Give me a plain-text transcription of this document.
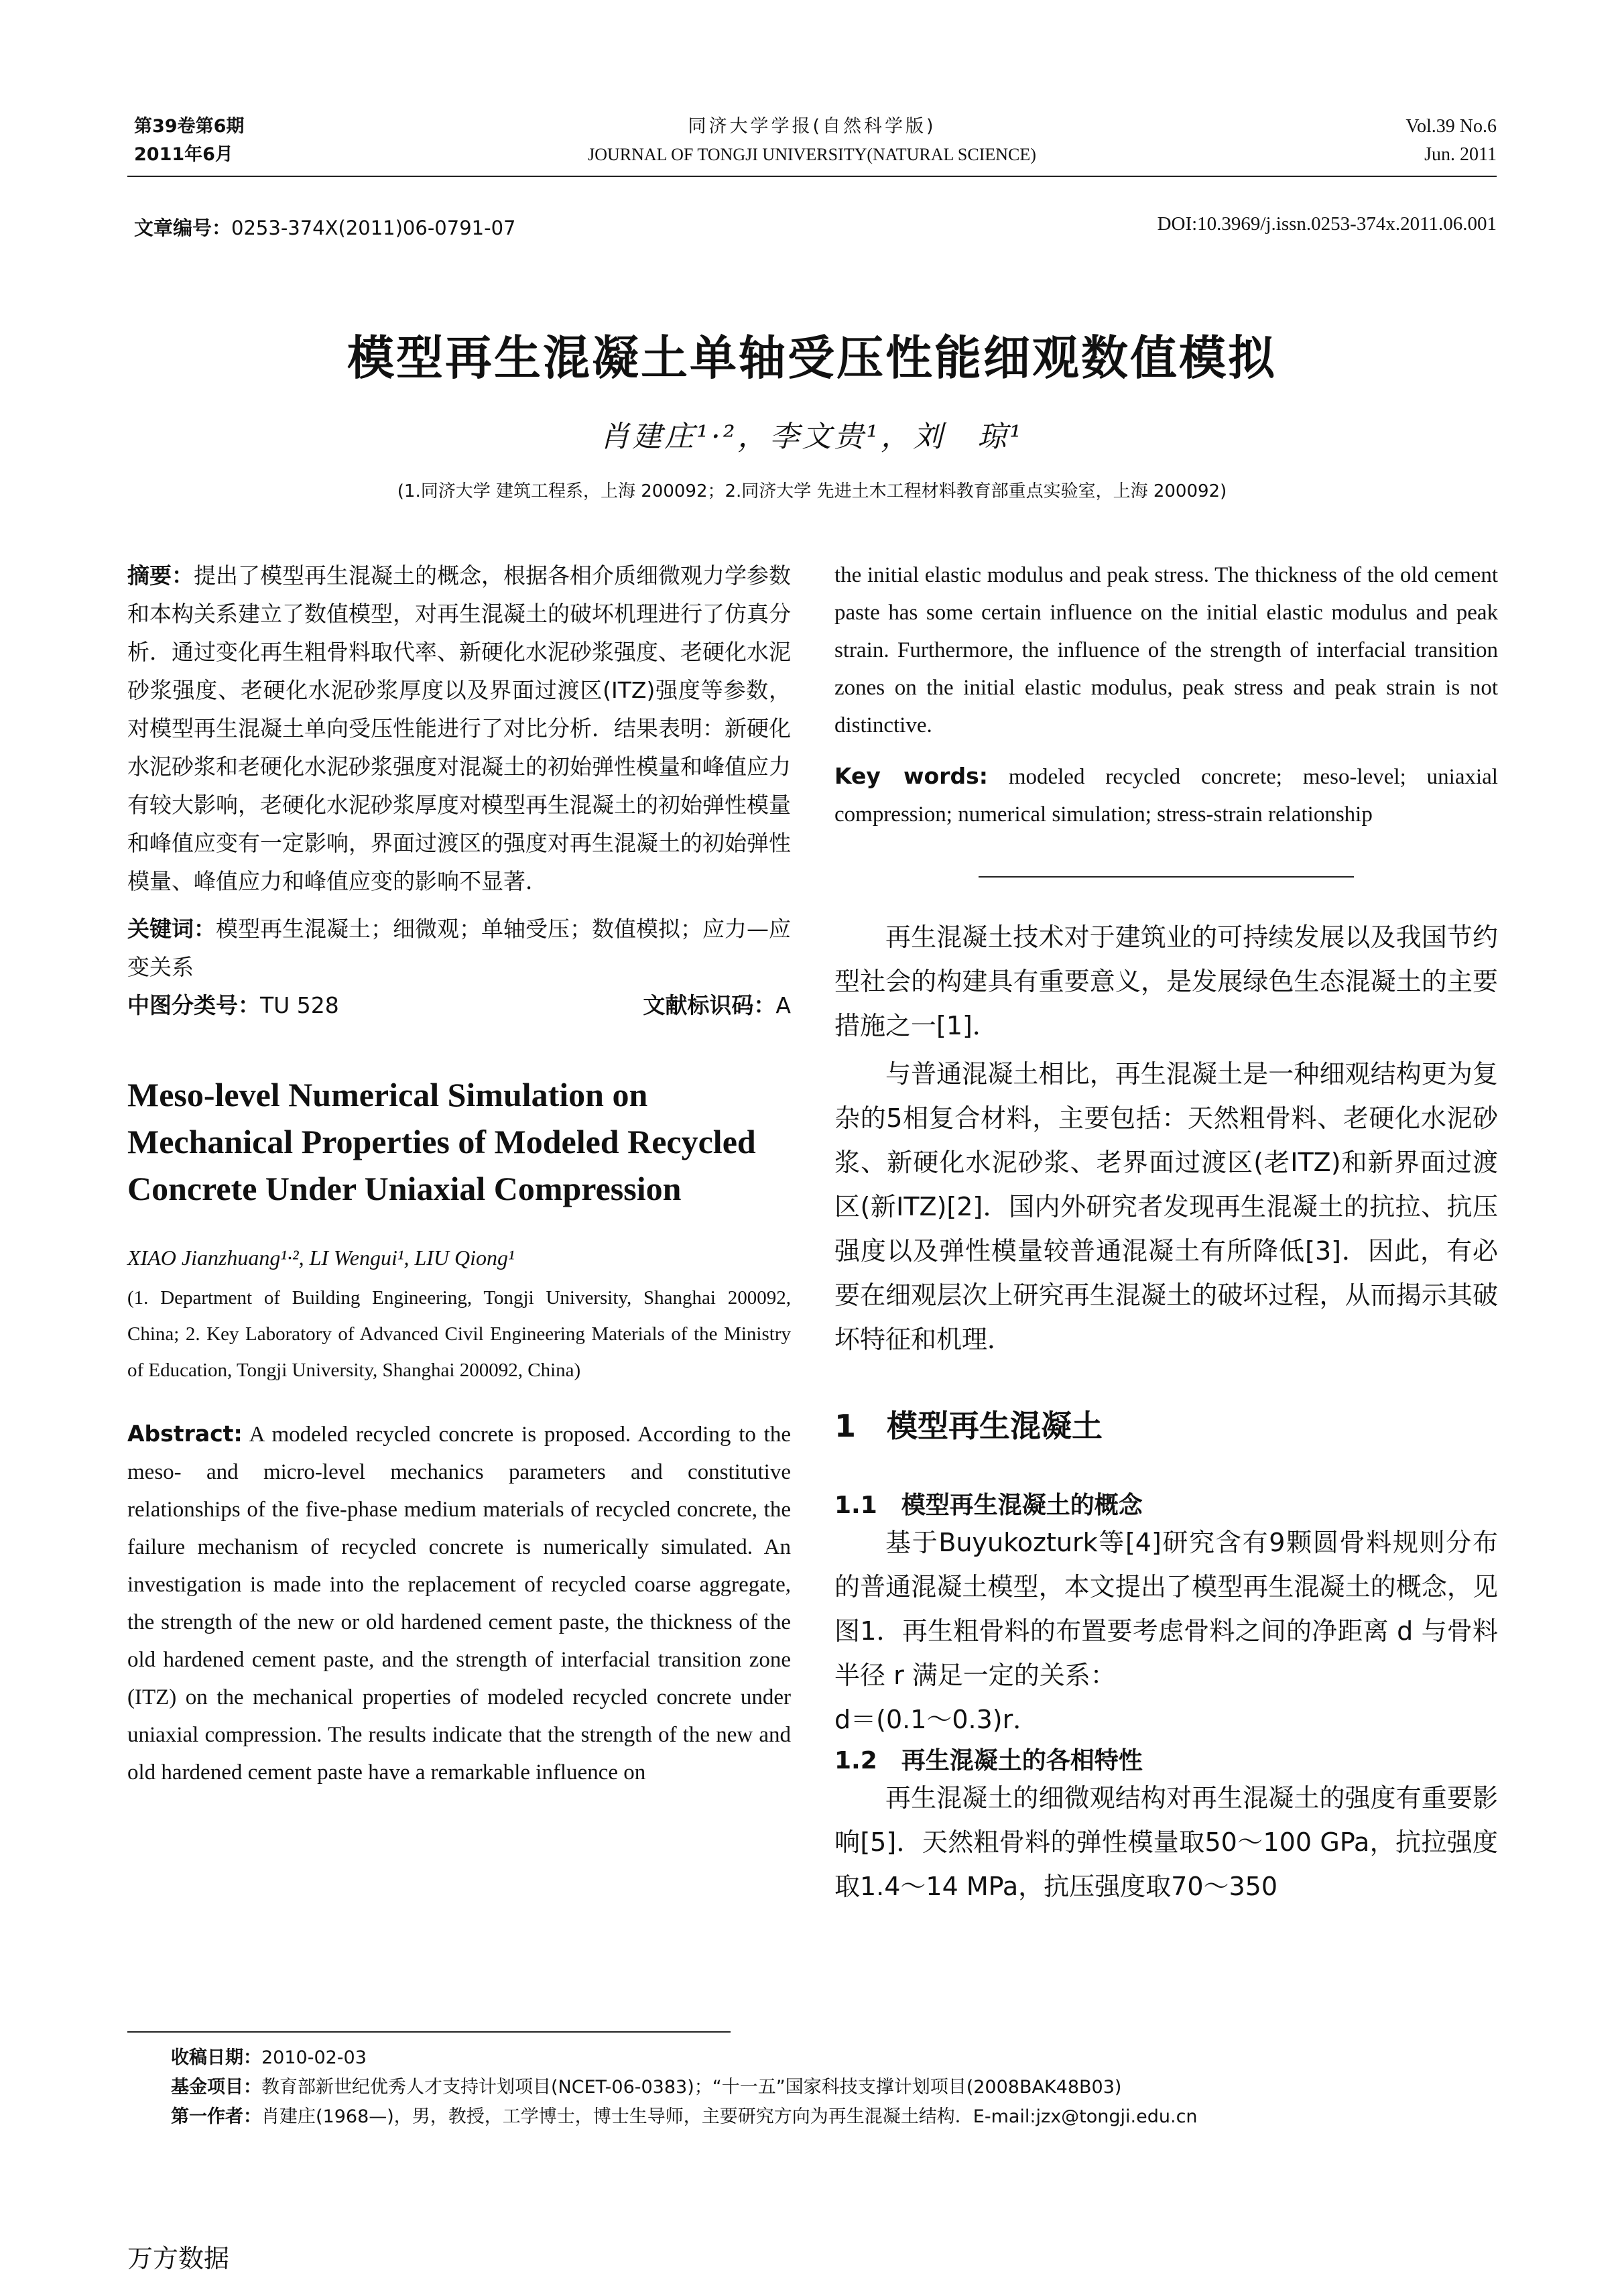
第39卷第6期
2011年6月
同济大学学报(自然科学版)
JOURNAL OF TONGJI UNIVERSITY(NATURAL SCIENCE)
Vol.39 No.6
Jun. 2011
文章编号：0253-374X(2011)06-0791-07	DOI:10.3969/j.issn.0253-374x.2011.06.001
模型再生混凝土单轴受压性能细观数值模拟
肖建庄¹·²，李文贵¹，刘　琼¹
(1.同济大学 建筑工程系，上海 200092；2.同济大学 先进土木工程材料教育部重点实验室，上海 200092)

摘要：提出了模型再生混凝土的概念，根据各相介质细微观力学参数和本构关系建立了数值模型，对再生混凝土的破坏机理进行了仿真分析．通过变化再生粗骨料取代率、新硬化水泥砂浆强度、老硬化水泥砂浆强度、老硬化水泥砂浆厚度以及界面过渡区(ITZ)强度等参数，对模型再生混凝土单向受压性能进行了对比分析．结果表明：新硬化水泥砂浆和老硬化水泥砂浆强度对混凝土的初始弹性模量和峰值应力有较大影响，老硬化水泥砂浆厚度对模型再生混凝土的初始弹性模量和峰值应变有一定影响，界面过渡区的强度对再生混凝土的初始弹性模量、峰值应力和峰值应变的影响不显著．

关键词：模型再生混凝土；细微观；单轴受压；数值模拟；应力—应变关系

中图分类号：TU 528	文献标识码：A

Meso-level Numerical Simulation on Mechanical Properties of Modeled Recycled Concrete Under Uniaxial Compression

XIAO Jianzhuang¹·², LI Wengui¹, LIU Qiong¹

(1. Department of Building Engineering, Tongji University, Shanghai 200092, China; 2. Key Laboratory of Advanced Civil Engineering Materials of the Ministry of Education, Tongji University, Shanghai 200092, China)

Abstract: A modeled recycled concrete is proposed. According to the meso- and micro-level mechanics parameters and constitutive relationships of the five-phase medium materials of recycled concrete, the failure mechanism of recycled concrete is numerically simulated. An investigation is made into the replacement of recycled coarse aggregate, the strength of the new or old hardened cement paste, the thickness of the old hardened cement paste, and the strength of interfacial transition zone (ITZ) on the mechanical properties of modeled recycled concrete under uniaxial compression. The results indicate that the strength of the new and old hardened cement paste have a remarkable influence on

the initial elastic modulus and peak stress. The thickness of the old cement paste has some certain influence on the initial elastic modulus and peak strain. Furthermore, the influence of the strength of interfacial transition zones on the initial elastic modulus, peak stress and peak strain is not distinctive.

Key words: modeled recycled concrete; meso-level; uniaxial compression; numerical simulation; stress-strain relationship

再生混凝土技术对于建筑业的可持续发展以及我国节约型社会的构建具有重要意义，是发展绿色生态混凝土的主要措施之一[1]．

与普通混凝土相比，再生混凝土是一种细观结构更为复杂的5相复合材料，主要包括：天然粗骨料、老硬化水泥砂浆、新硬化水泥砂浆、老界面过渡区(老ITZ)和新界面过渡区(新ITZ)[2]．国内外研究者发现再生混凝土的抗拉、抗压强度以及弹性模量较普通混凝土有所降低[3]．因此，有必要在细观层次上研究再生混凝土的破坏过程，从而揭示其破坏特征和机理．

1　模型再生混凝土

1.1　模型再生混凝土的概念

基于Buyukozturk等[4]研究含有9颗圆骨料规则分布的普通混凝土模型，本文提出了模型再生混凝土的概念，见图1．再生粗骨料的布置要考虑骨料之间的净距离 d 与骨料半径 r 满足一定的关系：

d＝(0.1～0.3)r．

1.2　再生混凝土的各相特性

再生混凝土的细微观结构对再生混凝土的强度有重要影响[5]．天然粗骨料的弹性模量取50～100 GPa，抗拉强度取1.4～14 MPa，抗压强度取70～350

收稿日期：2010-02-03
基金项目：教育部新世纪优秀人才支持计划项目(NCET-06-0383)；“十一五”国家科技支撑计划项目(2008BAK48B03)
第一作者：肖建庄(1968—)，男，教授，工学博士，博士生导师，主要研究方向为再生混凝土结构．E-mail:jzx@tongji.edu.cn
万方数据
